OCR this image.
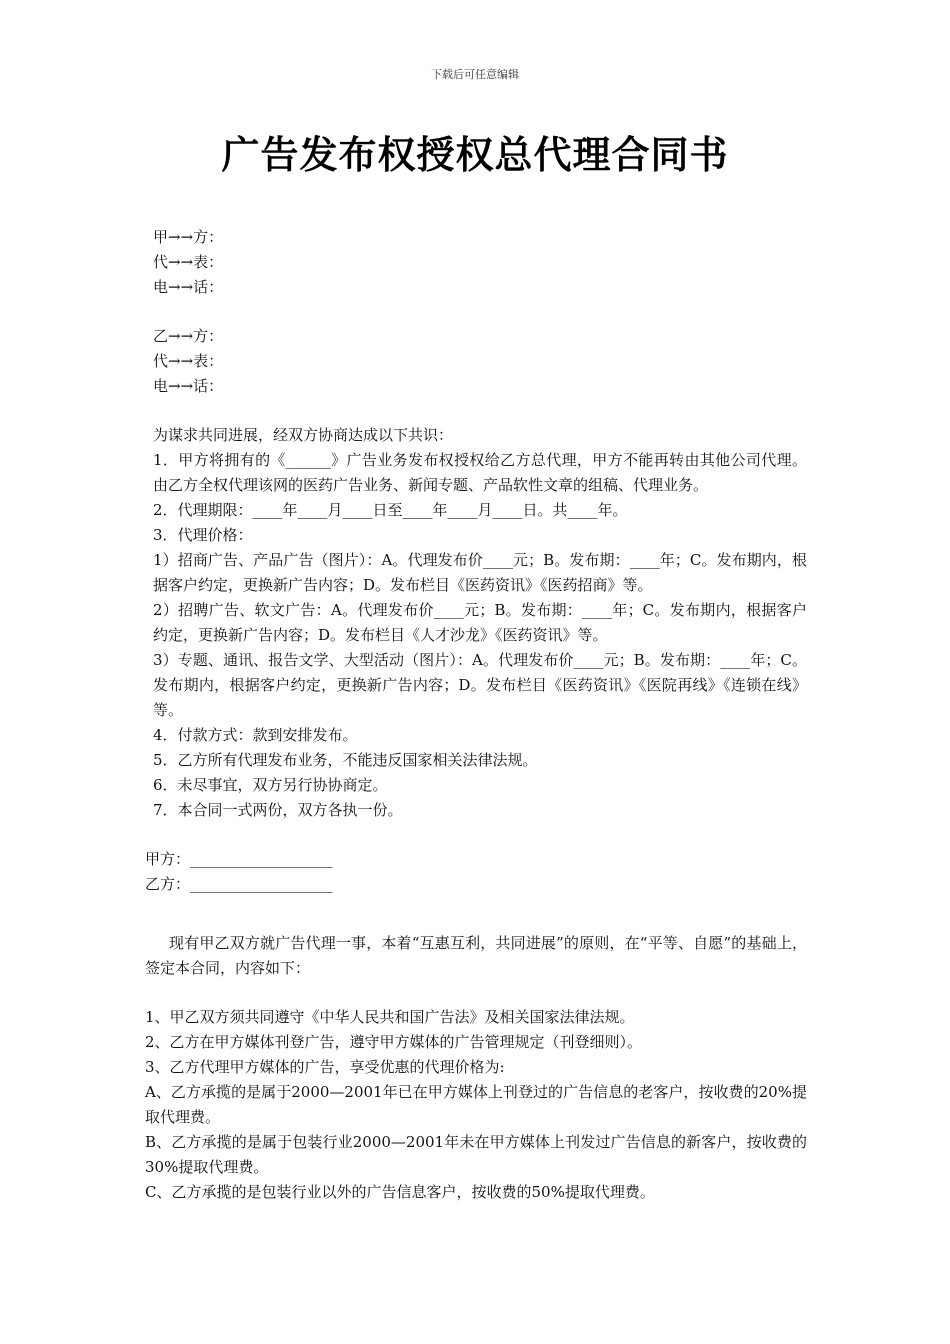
下载后可任意编辑
广告发布权授权总代理合同书

甲→→方：

代→→表：

电→→话：

乙→→方：

代→→表：

电→→话：

为谋求共同进展，经双方协商达成以下共识：

1．甲方将拥有的《______》广告业务发布权授权给乙方总代理，甲方不能再转由其他公司代理。由乙方全权代理该网的医药广告业务、新闻专题、产品软性文章的组稿、代理业务。

2．代理期限：____年____月____日至____年____月____日。共____年。

3．代理价格：

1）招商广告、产品广告（图片）：A。代理发布价____元；B。发布期：____年；C。发布期内，根据客户约定，更换新广告内容；D。发布栏目《医药资讯》《医药招商》等。

2）招聘广告、软文广告：A。代理发布价____元；B。发布期：____年；C。发布期内，根据客户约定，更换新广告内容；D。发布栏目《人才沙龙》《医药资讯》等。

3）专题、通讯、报告文学、大型活动（图片）：A。代理发布价____元；B。发布期：____年；C。发布期内，根据客户约定，更换新广告内容；D。发布栏目《医药资讯》《医院再线》《连锁在线》等。

4．付款方式：款到安排发布。

5．乙方所有代理发布业务，不能违反国家相关法律法规。

6．未尽事宜，双方另行协协商定。

7．本合同一式两份，双方各执一份。

甲方：___________________

乙方：___________________

现有甲乙双方就广告代理一事，本着“互惠互利，共同进展”的原则，在“平等、自愿”的基础上，签定本合同，内容如下：

1、甲乙双方须共同遵守《中华人民共和国广告法》及相关国家法律法规。

2、乙方在甲方媒体刊登广告，遵守甲方媒体的广告管理规定（刊登细则）。

3、乙方代理甲方媒体的广告，享受优惠的代理价格为:

A、乙方承揽的是属于2000—2001年已在甲方媒体上刊登过的广告信息的老客户，按收费的20%提取代理费。

B、乙方承揽的是属于包装行业2000—2001年未在甲方媒体上刊发过广告信息的新客户，按收费的30%提取代理费。

C、乙方承揽的是包装行业以外的广告信息客户，按收费的50%提取代理费。
